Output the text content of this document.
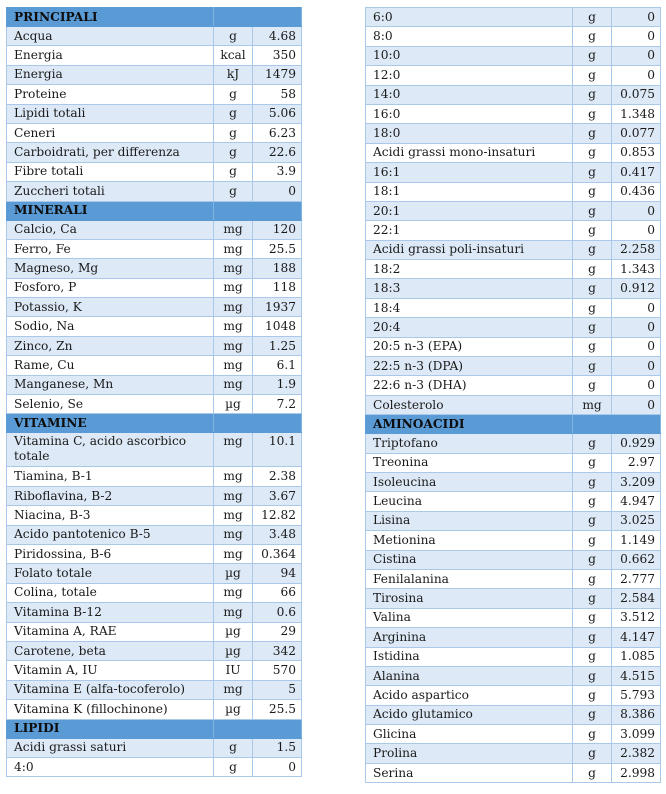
PRINCIPALI		
Acqua	g	4.68
Energia	kcal	350
Energia	kJ	1479
Proteine	g	58
Lipidi totali	g	5.06
Ceneri	g	6.23
Carboidrati, per differenza	g	22.6
Fibre totali	g	3.9
Zuccheri totali	g	0
MINERALI		
Calcio, Ca	mg	120
Ferro, Fe	mg	25.5
Magneso, Mg	mg	188
Fosforo, P	mg	118
Potassio, K	mg	1937
Sodio, Na	mg	1048
Zinco, Zn	mg	1.25
Rame, Cu	mg	6.1
Manganese, Mn	mg	1.9
Selenio, Se	µg	7.2
VITAMINE		
Vitamina C, acido ascorbico totale	mg	10.1
Tiamina, B-1	mg	2.38
Riboflavina, B-2	mg	3.67
Niacina, B-3	mg	12.82
Acido pantotenico B-5	mg	3.48
Piridossina, B-6	mg	0.364
Folato totale	µg	94
Colina, totale	mg	66
Vitamina B-12	mg	0.6
Vitamina A, RAE	µg	29
Carotene, beta	µg	342
Vitamin A, IU	IU	570
Vitamina E (alfa-tocoferolo)	mg	5
Vitamina K (fillochinone)	µg	25.5
LIPIDI		
Acidi grassi saturi	g	1.5
4:0	g	0
6:0	g	0
8:0	g	0
10:0	g	0
12:0	g	0
14:0	g	0.075
16:0	g	1.348
18:0	g	0.077
Acidi grassi mono-insaturi	g	0.853
16:1	g	0.417
18:1	g	0.436
20:1	g	0
22:1	g	0
Acidi grassi poli-insaturi	g	2.258
18:2	g	1.343
18:3	g	0.912
18:4	g	0
20:4	g	0
20:5 n-3 (EPA)	g	0
22:5 n-3 (DPA)	g	0
22:6 n-3 (DHA)	g	0
Colesterolo	mg	0
AMINOACIDI		
Triptofano	g	0.929
Treonina	g	2.97
Isoleucina	g	3.209
Leucina	g	4.947
Lisina	g	3.025
Metionina	g	1.149
Cistina	g	0.662
Fenilalanina	g	2.777
Tirosina	g	2.584
Valina	g	3.512
Arginina	g	4.147
Istidina	g	1.085
Alanina	g	4.515
Acido aspartico	g	5.793
Acido glutamico	g	8.386
Glicina	g	3.099
Prolina	g	2.382
Serina	g	2.998
